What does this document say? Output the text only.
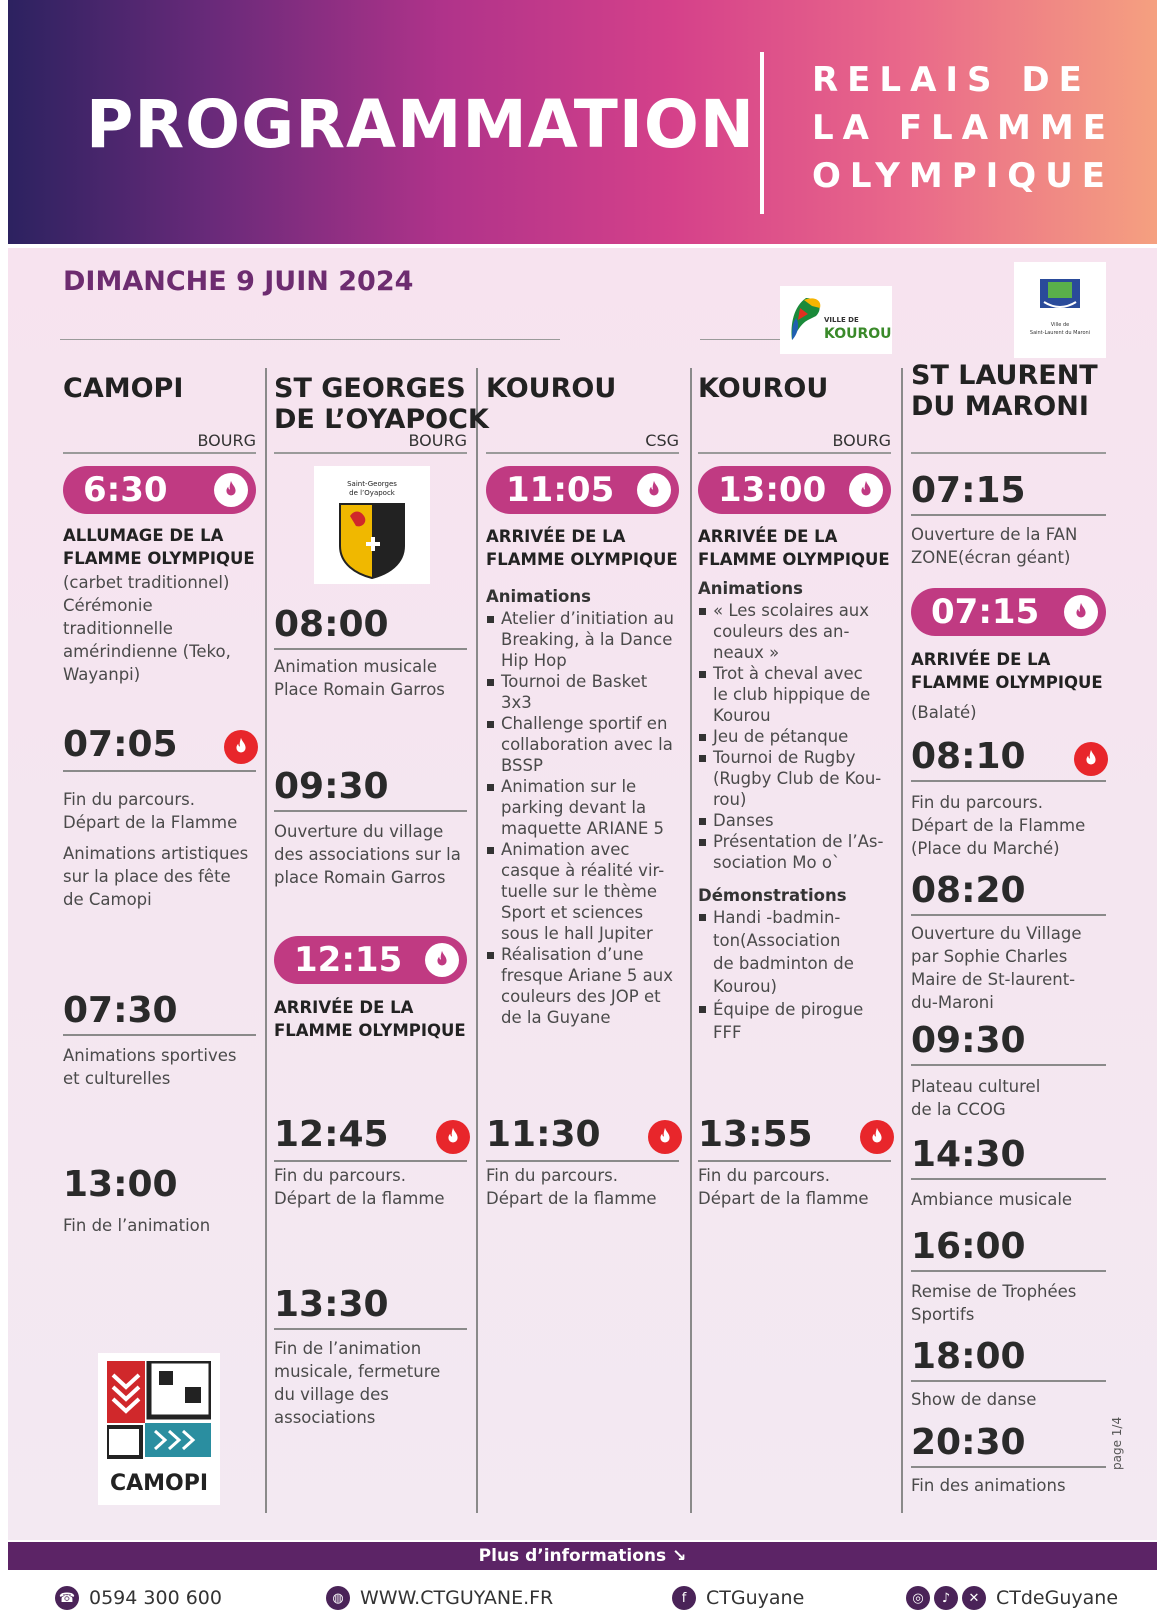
PROGRAMMATION
RELAIS DE
LA FLAMME
OLYMPIQUE
DIMANCHE 9 JUIN 2024
VILLE DE
KOUROU
Ville de
Saint-Laurent du Maroni
CAMOPI
BOURG
6:30
ALLUMAGE DE LA
FLAMME OLYMPIQUE
(carbet traditionnel)
Cérémonie
traditionnelle
amérindienne (Teko,
Wayanpi)
07:05
Fin du parcours.
Départ de la Flamme
Animations artistiques
sur la place des fête
de Camopi
07:30
Animations sportives
et culturelles
13:00
Fin de l’animation
CAMOPI
ST GEORGES
DE L’OYAPOCK
BOURG
Saint-Georges
de l’Oyapock
08:00
Animation musicale
Place Romain Garros
09:30
Ouverture du village
des associations sur la
place Romain Garros
12:15
ARRIVÉE DE LA
FLAMME OLYMPIQUE
12:45
Fin du parcours.
Départ de la flamme
13:30
Fin de l’animation
musicale, fermeture
du village des
associations
KOUROU
CSG
11:05
ARRIVÉE DE LA
FLAMME OLYMPIQUE
Animations
Atelier d’initiation au
Breaking, à la Dance
Hip Hop
Tournoi de Basket
3x3
Challenge sportif en
collaboration avec la
BSSP
Animation sur le
parking devant la
maquette ARIANE 5
Animation avec
casque à réalité vir-
tuelle sur le thème
Sport et sciences
sous le hall Jupiter
Réalisation d’une
fresque Ariane 5 aux
couleurs des JOP et
de la Guyane
11:30
Fin du parcours.
Départ de la flamme
KOUROU
BOURG
13:00
ARRIVÉE DE LA
FLAMME OLYMPIQUE
Animations
« Les scolaires aux
couleurs des an-
neaux »
Trot à cheval avec
le club hippique de
Kourou
Jeu de pétanque
Tournoi de Rugby
(Rugby Club de Kou-
rou)
Danses
Présentation de l’As-
sociation Mo o`
Démonstrations
Handi -badmin-
ton(Association
de badminton de
Kourou)
Équipe de pirogue
FFF
13:55
Fin du parcours.
Départ de la flamme
ST LAURENT
DU MARONI
07:15
Ouverture de la FAN
ZONE(écran géant)
07:15
ARRIVÉE DE LA
FLAMME OLYMPIQUE
(Balaté)
08:10
Fin du parcours.
Départ de la Flamme
(Place du Marché)
08:20
Ouverture du Village
par Sophie Charles
Maire de St-laurent-
du-Maroni
09:30
Plateau culturel
de la CCOG
14:30
Ambiance musicale
16:00
Remise de Trophées
Sportifs
18:00
Show de danse
20:30
Fin des animations
page 1/4
Plus d’informations ↘
☎ 0594 300 600	◍ WWW.CTGUYANE.FR	f	CTGuyane	◎	♪	✕ CTdeGuyane
